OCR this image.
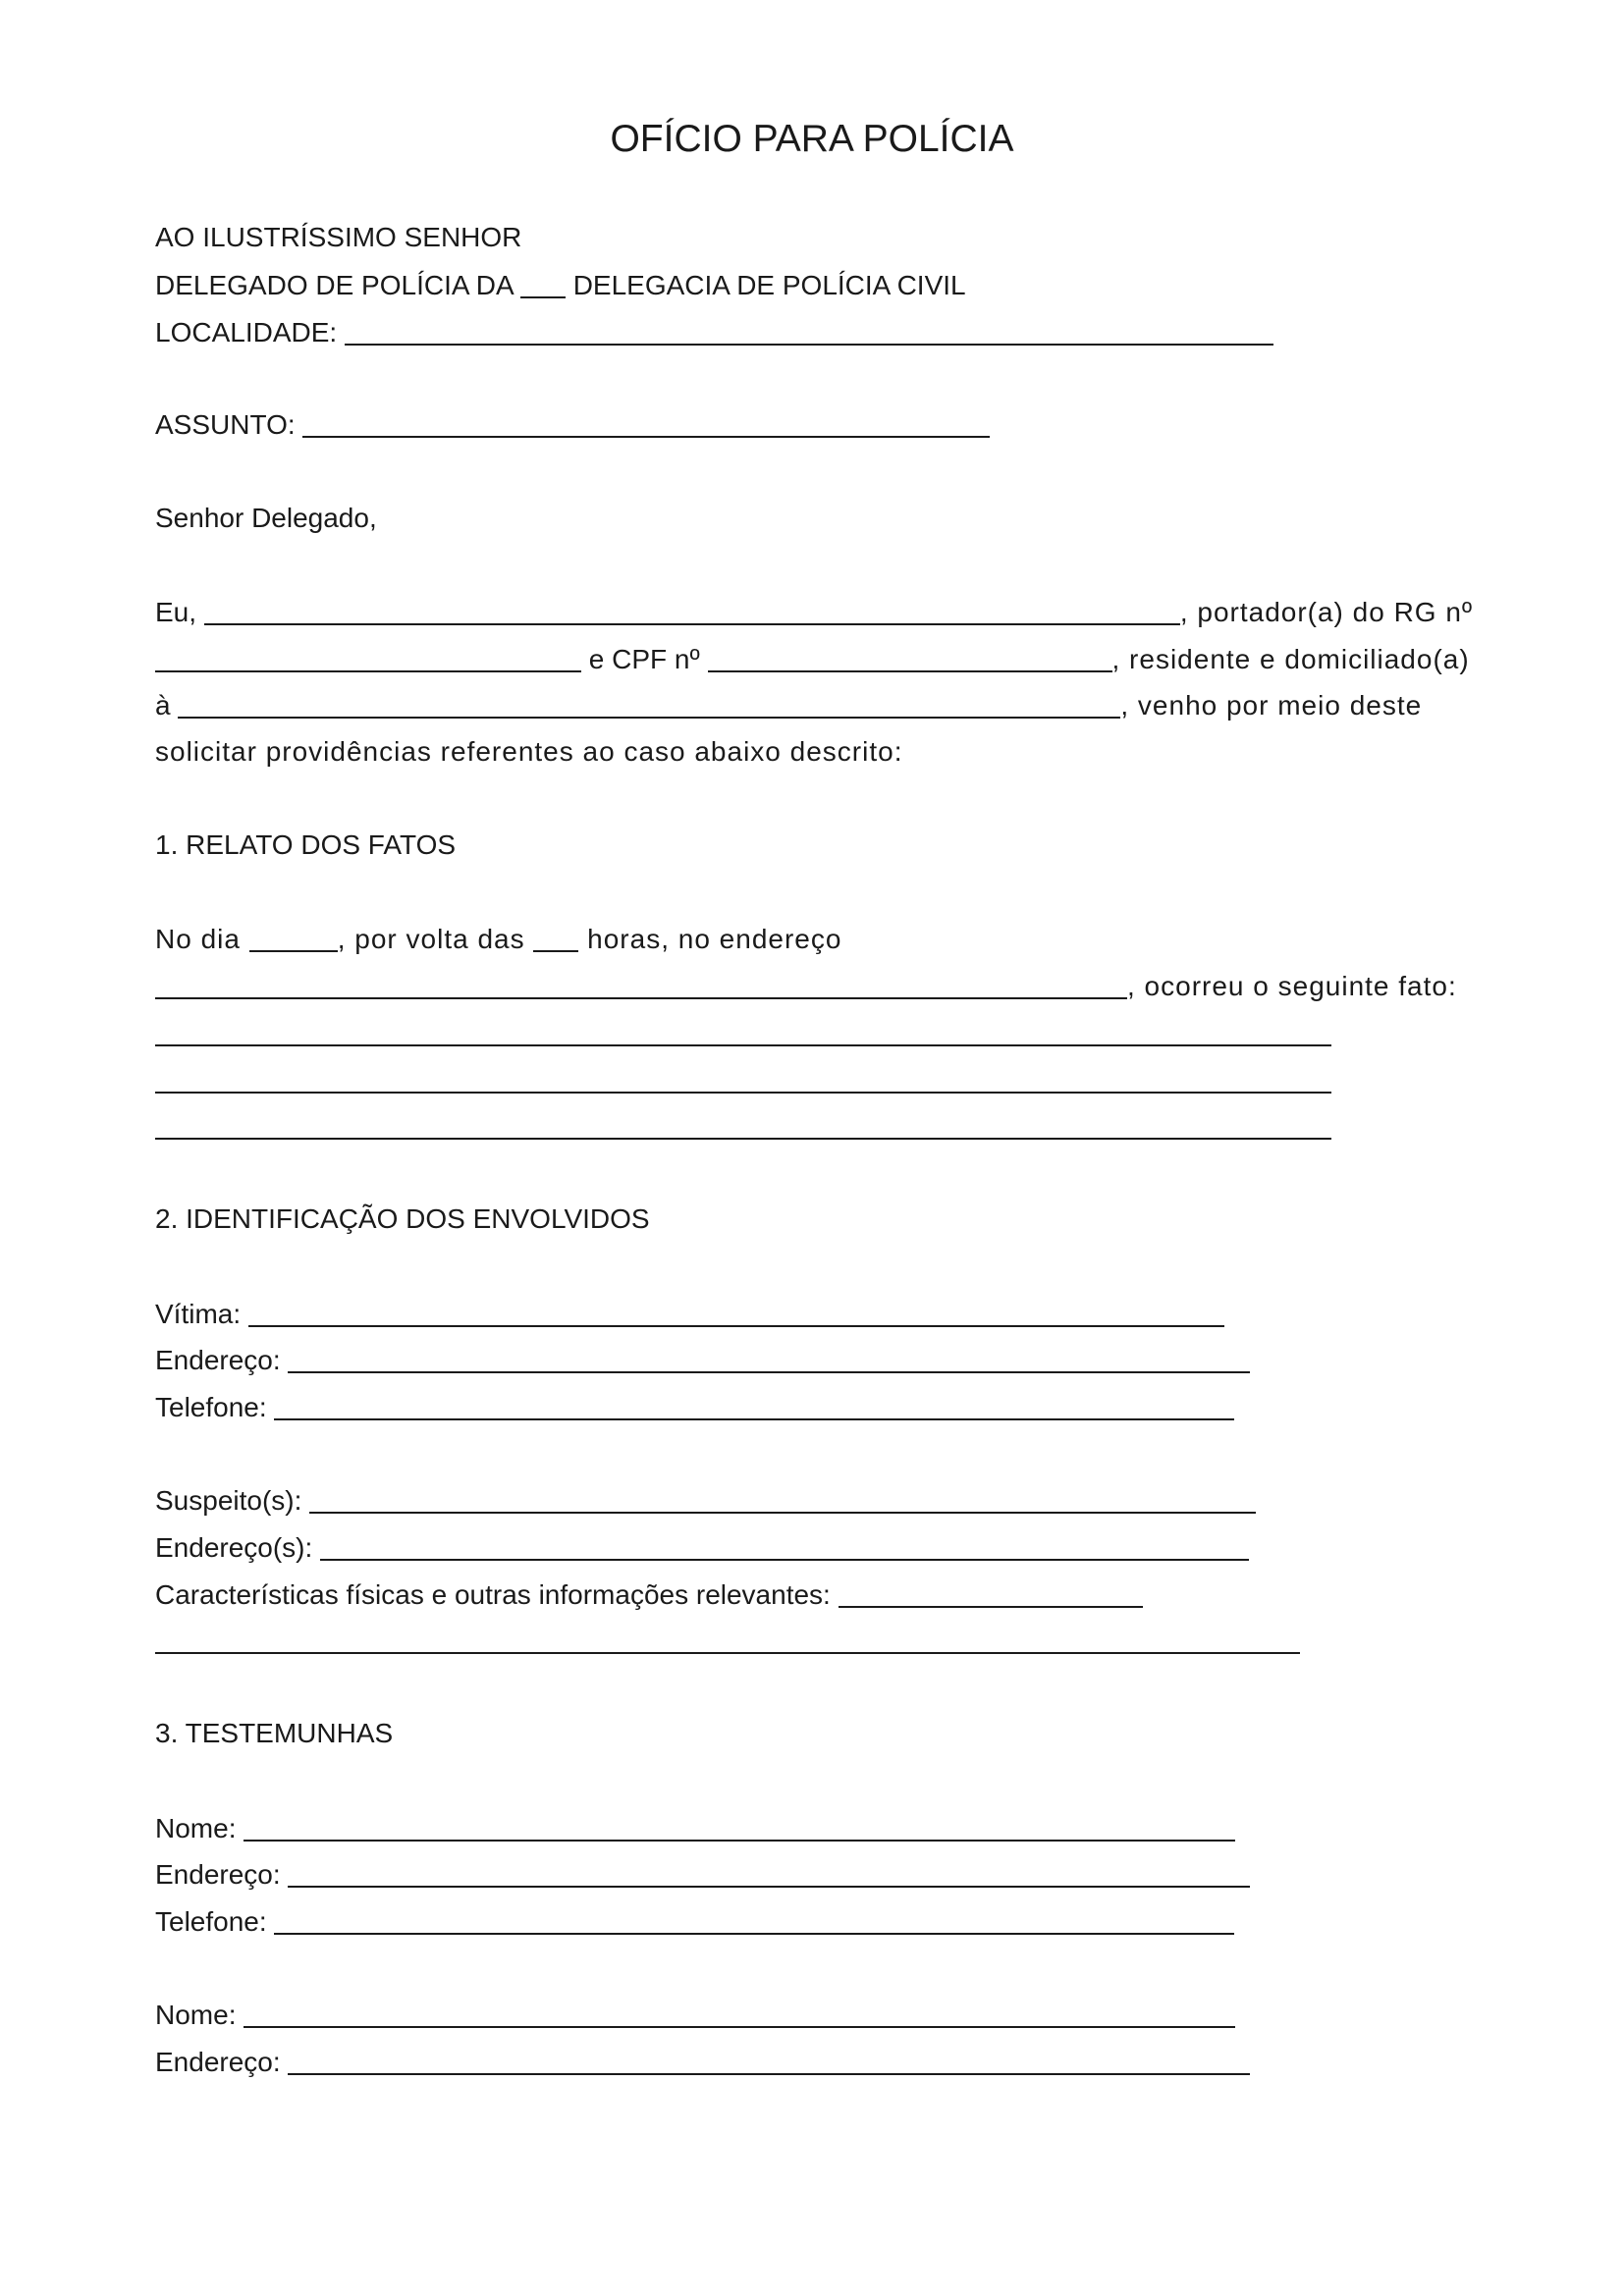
OFÍCIO PARA POLÍCIA
AO ILUSTRÍSSIMO SENHOR
DELEGADO DE POLÍCIA DA DELEGACIA DE POLÍCIA CIVIL
LOCALIDADE:
ASSUNTO:
Senhor Delegado,
Eu,	, portador(a) do RG nº
e CPF nº	, residente e domiciliado(a)
à	, venho por meio deste
solicitar providências referentes ao caso abaixo descrito:
1. RELATO DOS FATOS
No dia	, por volta das horas, no endereço
, ocorreu o seguinte fato:
2. IDENTIFICAÇÃO DOS ENVOLVIDOS
Vítima:
Endereço:
Telefone:
Suspeito(s):
Endereço(s):
Características físicas e outras informações relevantes:
3. TESTEMUNHAS
Nome:
Endereço:
Telefone:
Nome:
Endereço:
